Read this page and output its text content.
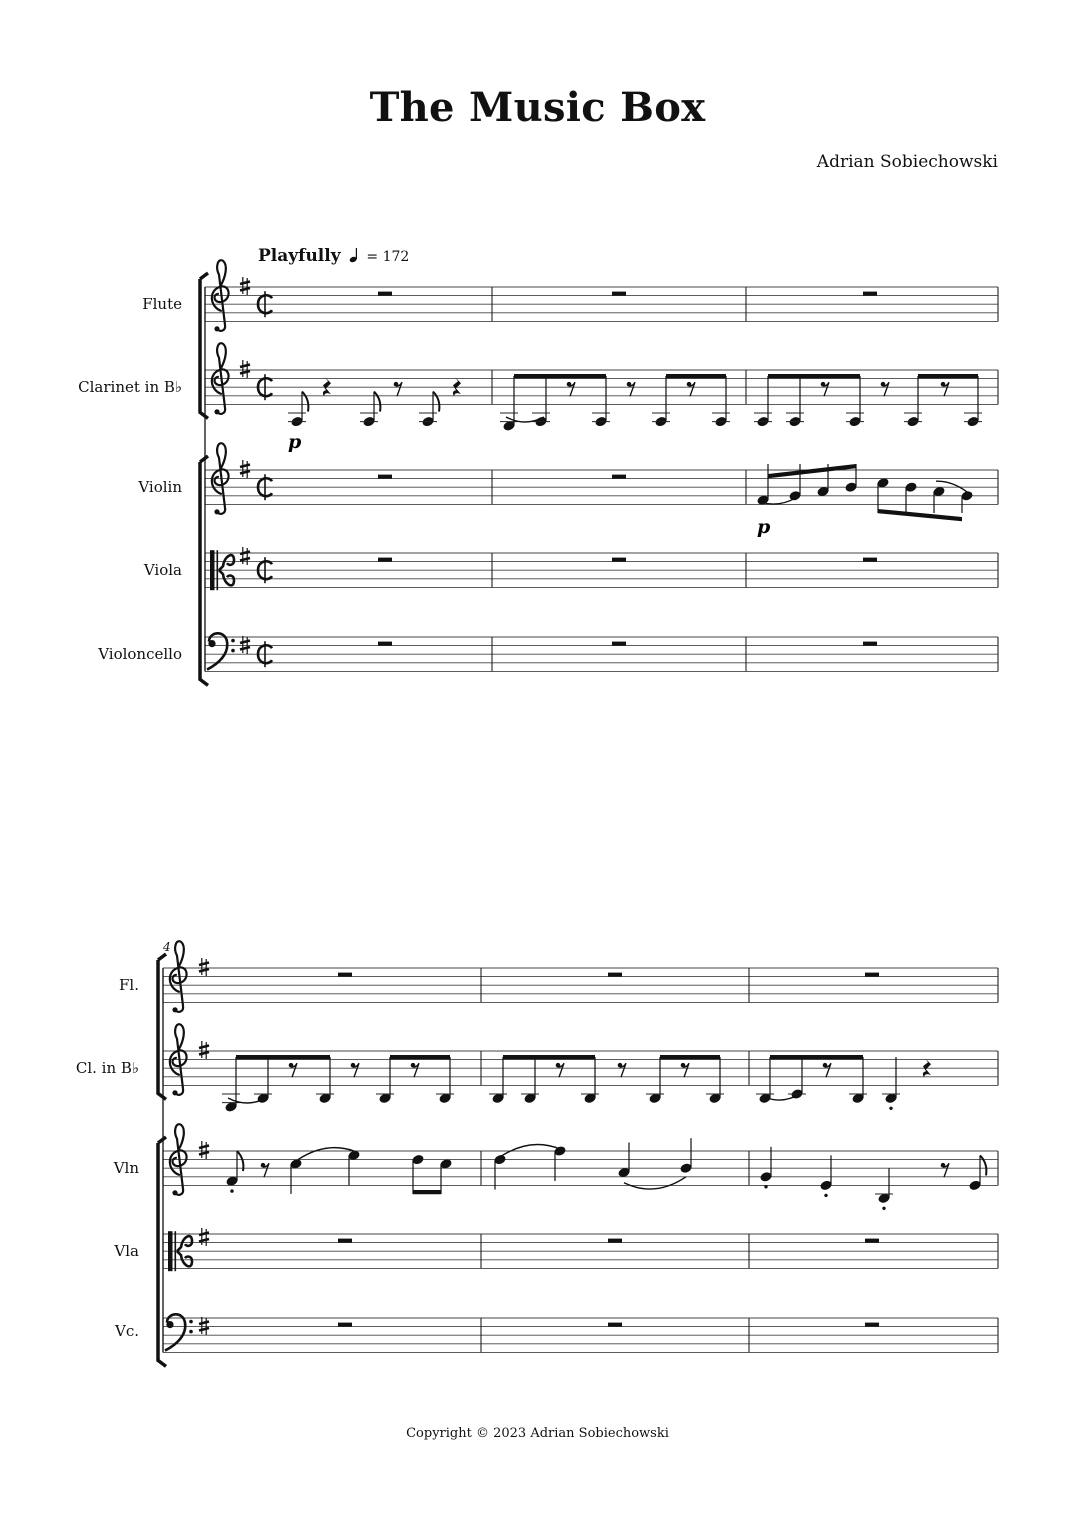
The Music Box
Adrian Sobiechowski
Playfully = 172
Flute
Clarinet in B♭
Violin
Viola
Violoncello
4
Fl.
Cl. in B♭
Vln
Vla
Vc.
p
p
Copyright © 2023 Adrian Sobiechowski
